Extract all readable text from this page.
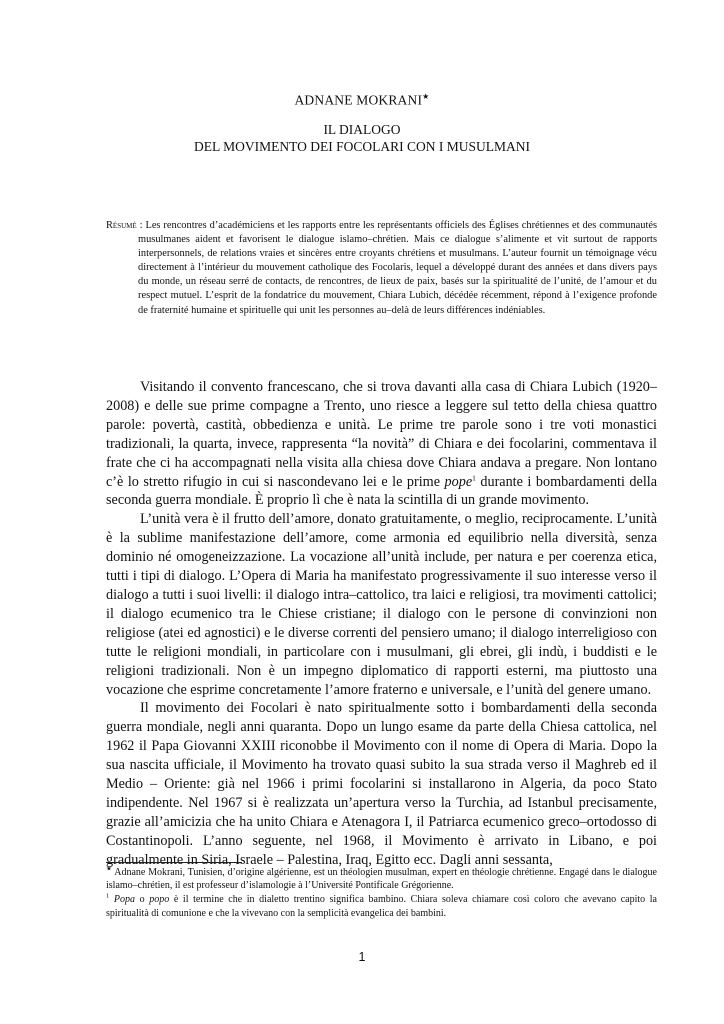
ADNANE MOKRANI★
IL DIALOGO
DEL MOVIMENTO DEI FOCOLARI CON I MUSULMANI
Résumé : Les rencontres d’académiciens et les rapports entre les représentants officiels des Églises chrétiennes et des communautés musulmanes aident et favorisent le dialogue islamo–chrétien. Mais ce dialogue s’alimente et vit surtout de rapports interpersonnels, de relations vraies et sincères entre croyants chrétiens et musulmans. L’auteur fournit un témoignage vécu directement à l’intérieur du mouvement catholique des Focolaris, lequel a développé durant des années et dans divers pays du monde, un réseau serré de contacts, de rencontres, de lieux de paix, basés sur la spiritualité de l’unité, de l’amour et du respect mutuel. L’esprit de la fondatrice du mouvement, Chiara Lubich, décédée récemment, répond à l’exigence profonde de fraternité humaine et spirituelle qui unit les personnes au–delà de leurs différences indéniables.

Visitando il convento francescano, che si trova davanti alla casa di Chiara Lubich (1920–2008) e delle sue prime compagne a Trento, uno riesce a leggere sul tetto della chiesa quattro parole: povertà, castità, obbedienza e unità. Le prime tre parole sono i tre voti monastici tradizionali, la quarta, invece, rappresenta “la novità” di Chiara e dei focolarini, commentava il frate che ci ha accompagnati nella visita alla chiesa dove Chiara andava a pregare. Non lontano c’è lo stretto rifugio in cui si nascondevano lei e le prime pope$^1$ durante i bombardamenti della seconda guerra mondiale. È proprio lì che è nata la scintilla di un grande movimento.

L’unità vera è il frutto dell’amore, donato gratuitamente, o meglio, reciprocamente. L’unità è la sublime manifestazione dell’amore, come armonia ed equilibrio nella diversità, senza dominio né omogeneizzazione. La vocazione all’unità include, per natura e per coerenza etica, tutti i tipi di dialogo. L’Opera di Maria ha manifestato progressivamente il suo interesse verso il dialogo a tutti i suoi livelli: il dialogo intra–cattolico, tra laici e religiosi, tra movimenti cattolici; il dialogo ecumenico tra le Chiese cristiane; il dialogo con le persone di convinzioni non religiose (atei ed agnostici) e le diverse correnti del pensiero umano; il dialogo interreligioso con tutte le religioni mondiali, in particolare con i musulmani, gli ebrei, gli indù, i buddisti e le religioni tradizionali. Non è un impegno diplomatico di rapporti esterni, ma piuttosto una vocazione che esprime concretamente l’amore fraterno e universale, e l’unità del genere umano.

Il movimento dei Focolari è nato spiritualmente sotto i bombardamenti della seconda guerra mondiale, negli anni quaranta. Dopo un lungo esame da parte della Chiesa cattolica, nel 1962 il Papa Giovanni XXIII riconobbe il Movimento con il nome di Opera di Maria. Dopo la sua nascita ufficiale, il Movimento ha trovato quasi subito la sua strada verso il Maghreb ed il Medio – Oriente: già nel 1966 i primi focolarini si installarono in Algeria, da poco Stato indipendente. Nel 1967 si è realizzata un’apertura verso la Turchia, ad Istanbul precisamente, grazie all’amicizia che ha unito Chiara e Atenagora I, il Patriarca ecumenico greco–ortodosso di Costantinopoli. L’anno seguente, nel 1968, il Movimento è arrivato in Libano, e poi gradualmente in Siria, Israele – Palestina, Iraq, Egitto ecc. Dagli anni sessanta,

★ Adnane Mokrani, Tunisien, d’origine algérienne, est un théologien musulman, expert en théologie chrétienne. Engagé dans le dialogue islamo–chrétien, il est professeur d’islamologie à l’Université Pontificale Grégorienne.

$^1$ Popa o popo è il termine che in dialetto trentino significa bambino. Chiara soleva chiamare così coloro che avevano capito la spiritualità di comunione e che la vivevano con la semplicità evangelica dei bambini.

1
